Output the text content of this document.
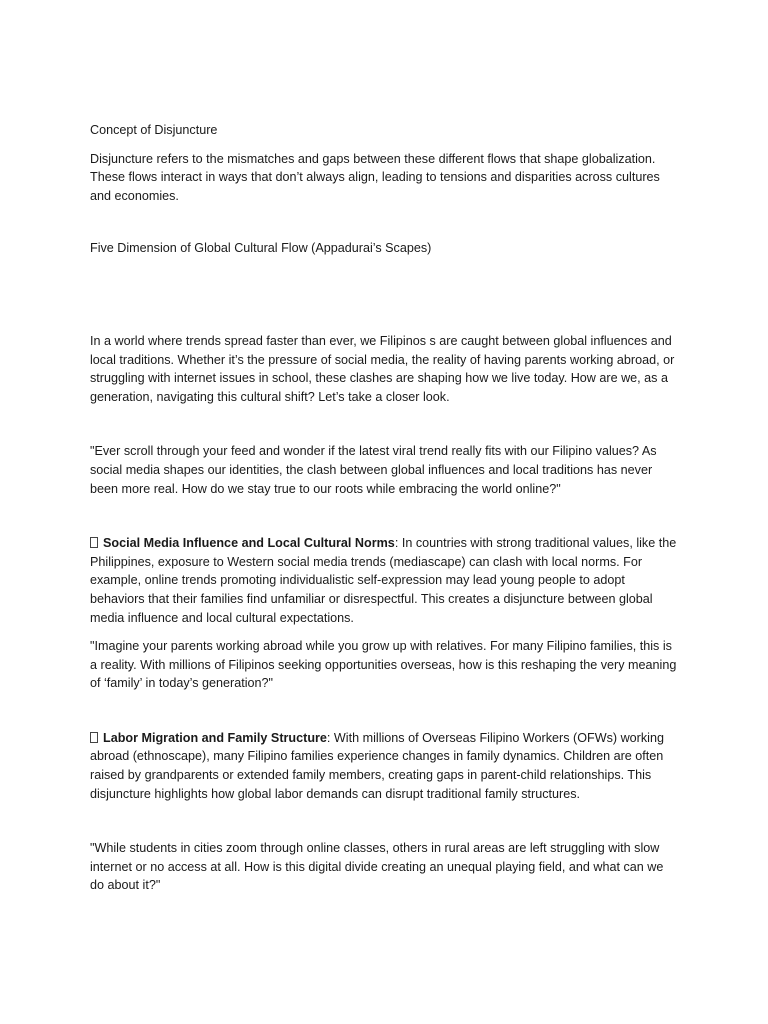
Concept of Disjuncture

Disjuncture refers to the mismatches and gaps between these different flows that shape globalization. These flows interact in ways that don’t always align, leading to tensions and disparities across cultures and economies.

Five Dimension of Global Cultural Flow (Appadurai’s Scapes)

In a world where trends spread faster than ever, we Filipinos s are caught between global influences and local traditions. Whether it’s the pressure of social media, the reality of having parents working abroad, or struggling with internet issues in school, these clashes are shaping how we live today. How are we, as a generation, navigating this cultural shift? Let’s take a closer look.

"Ever scroll through your feed and wonder if the latest viral trend really fits with our Filipino values? As social media shapes our identities, the clash between global influences and local traditions has never been more real. How do we stay true to our roots while embracing the world online?"

Social Media Influence and Local Cultural Norms: In countries with strong traditional values, like the Philippines, exposure to Western social media trends (mediascape) can clash with local norms. For example, online trends promoting individualistic self-expression may lead young people to adopt behaviors that their families find unfamiliar or disrespectful. This creates a disjuncture between global media influence and local cultural expectations.

"Imagine your parents working abroad while you grow up with relatives. For many Filipino families, this is a reality. With millions of Filipinos seeking opportunities overseas, how is this reshaping the very meaning of ‘family’ in today’s generation?"

Labor Migration and Family Structure: With millions of Overseas Filipino Workers (OFWs) working abroad (ethnoscape), many Filipino families experience changes in family dynamics. Children are often raised by grandparents or extended family members, creating gaps in parent-child relationships. This disjuncture highlights how global labor demands can disrupt traditional family structures.

"While students in cities zoom through online classes, others in rural areas are left struggling with slow internet or no access at all. How is this digital divide creating an unequal playing field, and what can we do about it?"
